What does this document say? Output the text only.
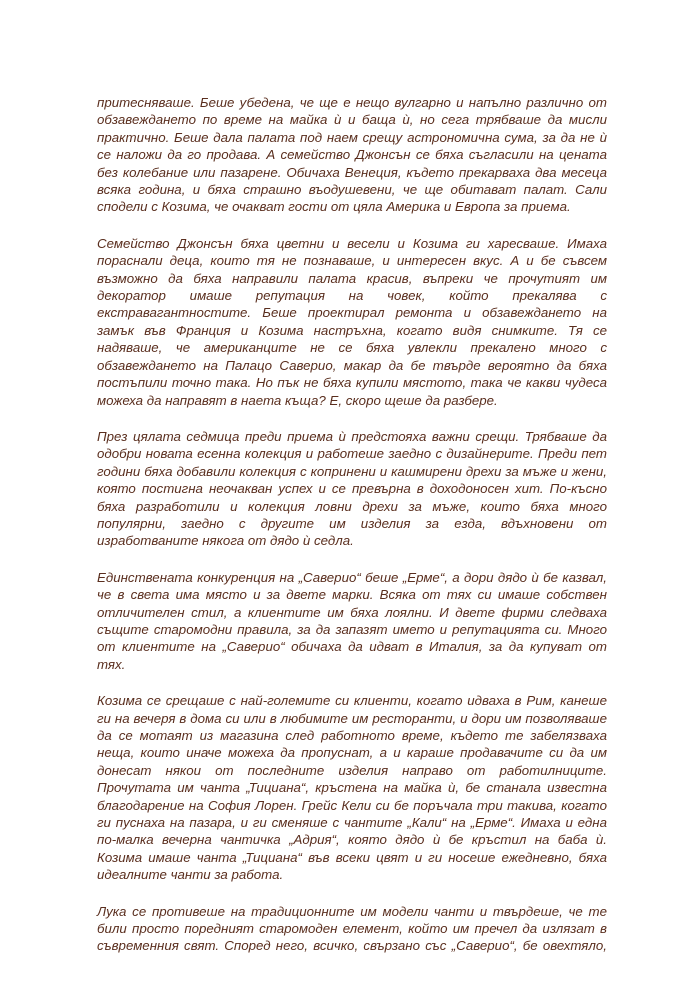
притесняваше. Беше убедена, че ще е нещо вулгарно и напълно различно от
обзавеждането по време на майка ѝ и баща ѝ, но сега трябваше да мисли
практично. Беше дала палата под наем срещу астрономична сума, за да не ѝ
се наложи да го продава. А семейство Джонсън се бяха съгласили на цената
без колебание или пазарене. Обичаха Венеция, където прекарваха два месеца
всяка година, и бяха страшно въодушевени, че ще обитават палат. Сали
сподели с Козима, че очакват гости от цяла Америка и Европа за приема.

Семейство Джонсън бяха цветни и весели и Козима ги харесваше. Имаха
пораснали деца, които тя не познаваше, и интересен вкус. А и бе съвсем
възможно да бяха направили палата красив, въпреки че прочутият им
декоратор имаше репутация на човек, който прекалява с
екстравагантностите. Беше проектирал ремонта и обзавеждането на
замък във Франция и Козима настръхна, когато видя снимките. Тя се
надяваше, че американците не се бяха увлекли прекалено много с
обзавеждането на Палацо Саверио, макар да бе твърде вероятно да бяха
постъпили точно така. Но пък не бяха купили мястото, така че какви чудеса
можеха да направят в наета къща? Е, скоро щеше да разбере.

През цялата седмица преди приема ѝ предстояха важни срещи. Трябваше да
одобри новата есенна колекция и работеше заедно с дизайнерите. Преди пет
години бяха добавили колекция с копринени и кашмирени дрехи за мъже и жени,
която постигна неочакван успех и се превърна в доходоносен хит. По-късно
бяха разработили и колекция ловни дрехи за мъже, които бяха много
популярни, заедно с другите им изделия за езда, вдъхновени от
изработваните някога от дядо ѝ седла.

Единствената конкуренция на „Саверио“ беше „Ерме“, а дори дядо ѝ бе казвал,
че в света има място и за двете марки. Всяка от тях си имаше собствен
отличителен стил, а клиентите им бяха лоялни. И двете фирми следваха
същите старомодни правила, за да запазят името и репутацията си. Много
от клиентите на „Саверио“ обичаха да идват в Италия, за да купуват от
тях.

Козима се срещаше с най-големите си клиенти, когато идваха в Рим, канеше
ги на вечеря в дома си или в любимите им ресторанти, и дори им позволяваше
да се мотаят из магазина след работното време, където те забелязваха
неща, които иначе можеха да пропуснат, а и караше продавачите си да им
донесат някои от последните изделия направо от работилниците.
Прочутата им чанта „Тициана“, кръстена на майка ѝ, бе станала известна
благодарение на София Лорен. Грейс Кели си бе поръчала три такива, когато
ги пуснаха на пазара, и ги сменяше с чантите „Кали“ на „Ерме“. Имаха и една
по-малка вечерна чантичка „Адрия“, която дядо ѝ бе кръстил на баба ѝ.
Козима имаше чанта „Тициана“ във всеки цвят и ги носеше ежедневно, бяха
идеалните чанти за работа.

Лука се противеше на традиционните им модели чанти и твърдеше, че те
били просто поредният старомоден елемент, който им пречел да излязат в
съвременния свят. Според него, всичко, свързано със „Саверио“, бе овехтяло,
